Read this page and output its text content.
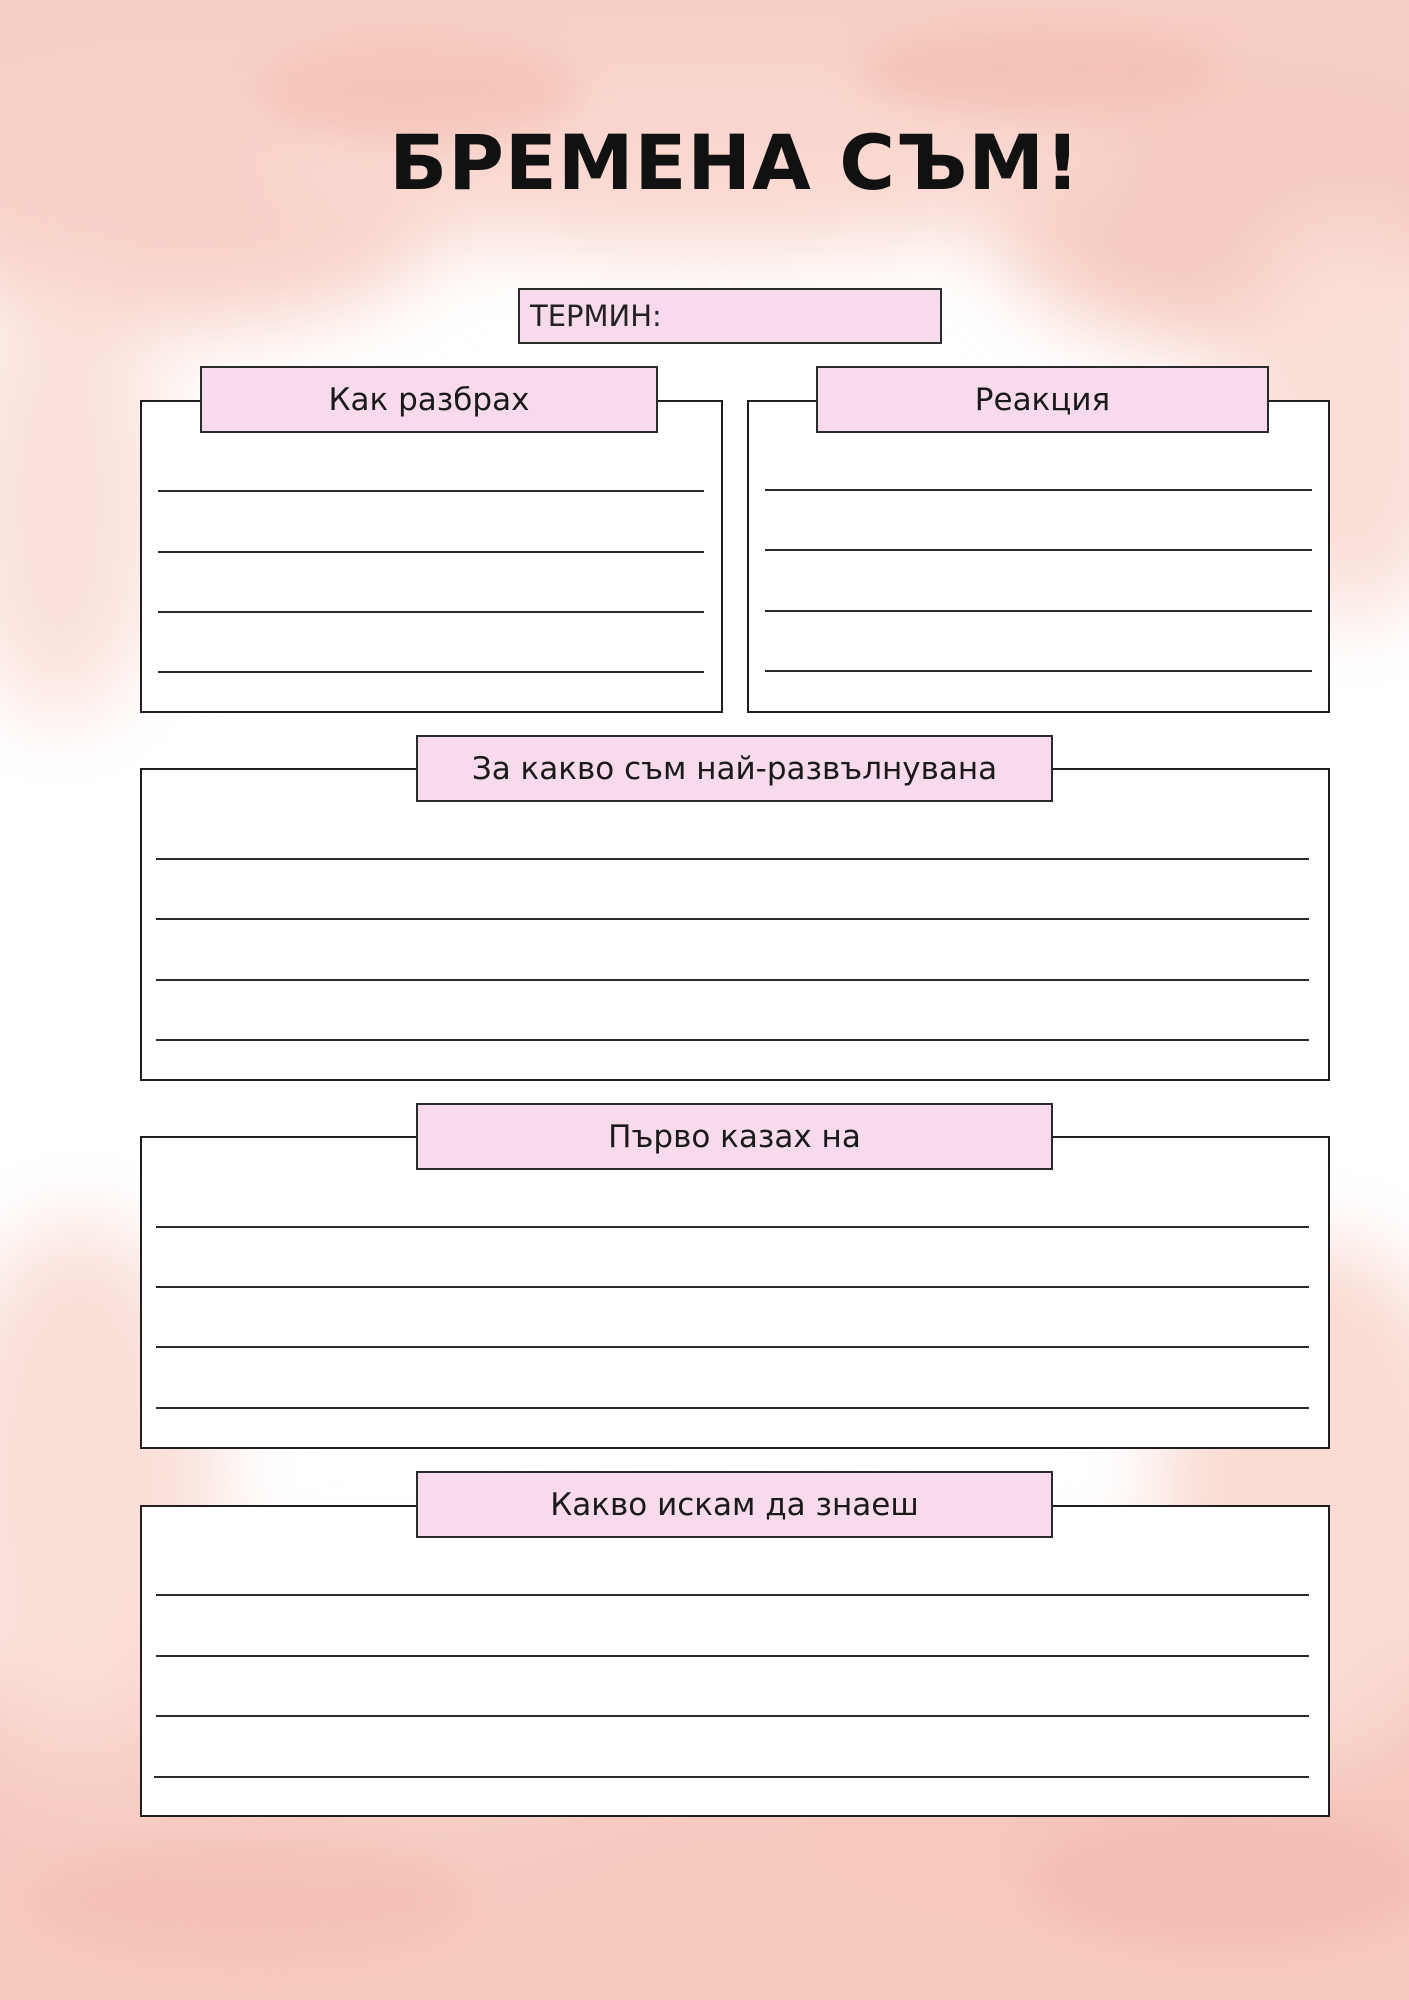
БРЕМЕНА СЪМ!
ТЕРМИН:
Как разбрах	Реакция
За какво съм най-развълнувана
Първо казах на
Какво искам да знаеш
